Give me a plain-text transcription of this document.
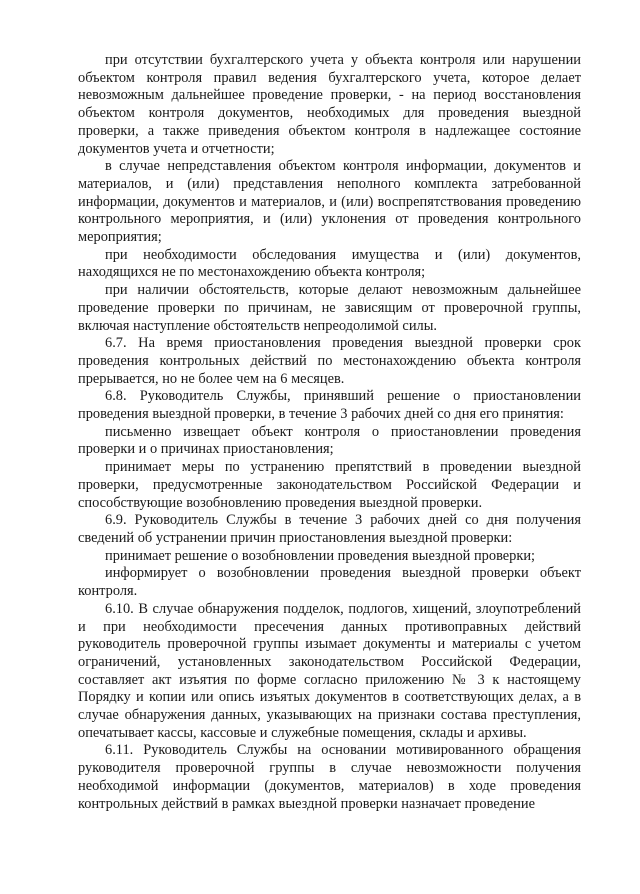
при отсутствии бухгалтерского учета у объекта контроля или нарушении объектом контроля правил ведения бухгалтерского учета, которое делает невозможным дальнейшее проведение проверки, - на период восстановления объектом контроля документов, необходимых для проведения выездной проверки, а также приведения объектом контроля в надлежащее состояние документов учета и отчетности;

в случае непредставления объектом контроля информации, документов и материалов, и (или) представления неполного комплекта затребованной информации, документов и материалов, и (или) воспрепятствования проведению контрольного мероприятия, и (или) уклонения от проведения контрольного мероприятия;

при необходимости обследования имущества и (или) документов, находящихся не по местонахождению объекта контроля;

при наличии обстоятельств, которые делают невозможным дальнейшее проведение проверки по причинам, не зависящим от проверочной группы, включая наступление обстоятельств непреодолимой силы.

6.7. На время приостановления проведения выездной проверки срок проведения контрольных действий по местонахождению объекта контроля прерывается, но не более чем на 6 месяцев.

6.8. Руководитель Службы, принявший решение о приостановлении проведения выездной проверки, в течение 3 рабочих дней со дня его принятия:

письменно извещает объект контроля о приостановлении проведения проверки и о причинах приостановления;

принимает меры по устранению препятствий в проведении выездной проверки, предусмотренные законодательством Российской Федерации и способствующие возобновлению проведения выездной проверки.

6.9. Руководитель Службы в течение 3 рабочих дней со дня получения сведений об устранении причин приостановления выездной проверки:

принимает решение о возобновлении проведения выездной проверки;

информирует о возобновлении проведения выездной проверки объект контроля.

6.10. В случае обнаружения подделок, подлогов, хищений, злоупотреблений и при необходимости пресечения данных противоправных действий руководитель проверочной группы изымает документы и материалы с учетом ограничений, установленных законодательством Российской Федерации, составляет акт изъятия по форме согласно приложению № 3 к настоящему Порядку и копии или опись изъятых документов в соответствующих делах, а в случае обнаружения данных, указывающих на признаки состава преступления, опечатывает кассы, кассовые и служебные помещения, склады и архивы.

6.11. Руководитель Службы на основании мотивированного обращения руководителя проверочной группы в случае невозможности получения необходимой информации (документов, материалов) в ходе проведения контрольных действий в рамках выездной проверки назначает проведение
